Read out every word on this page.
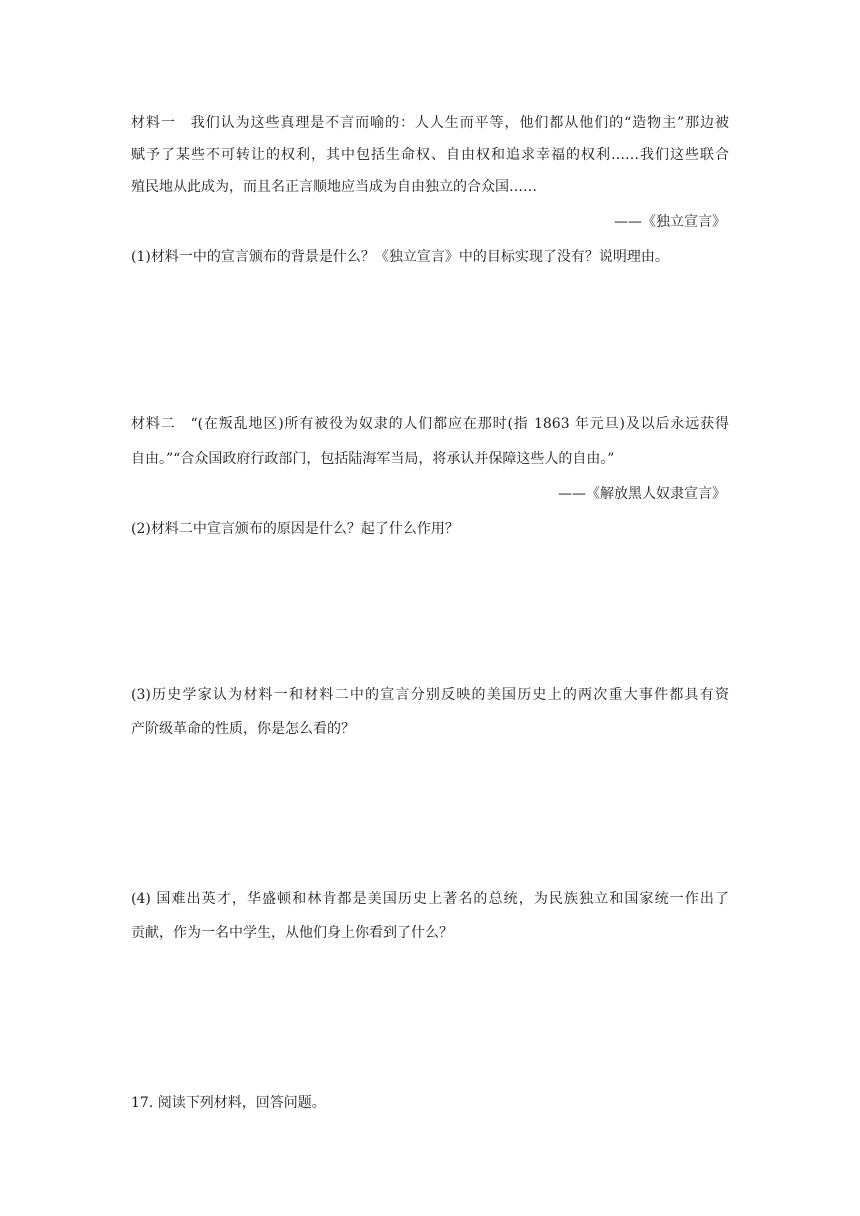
材料一　我们认为这些真理是不言而喻的：人人生而平等，他们都从他们的“造物主”那边被
赋予了某些不可转让的权利，其中包括生命权、自由权和追求幸福的权利……我们这些联合
殖民地从此成为，而且名正言顺地应当成为自由独立的合众国……
——《独立宣言》
(1)材料一中的宣言颁布的背景是什么？《独立宣言》中的目标实现了没有？说明理由。
材料二　“(在叛乱地区)所有被役为奴隶的人们都应在那时(指 1863 年元旦)及以后永远获得
自由。”“合众国政府行政部门，包括陆海军当局，将承认并保障这些人的自由。”
——《解放黑人奴隶宣言》
(2)材料二中宣言颁布的原因是什么？起了什么作用？
(3)历史学家认为材料一和材料二中的宣言分别反映的美国历史上的两次重大事件都具有资
产阶级革命的性质，你是怎么看的？
(4) 国难出英才，华盛顿和林肯都是美国历史上著名的总统，为民族独立和国家统一作出了
贡献，作为一名中学生，从他们身上你看到了什么？
17. 阅读下列材料，回答问题。
